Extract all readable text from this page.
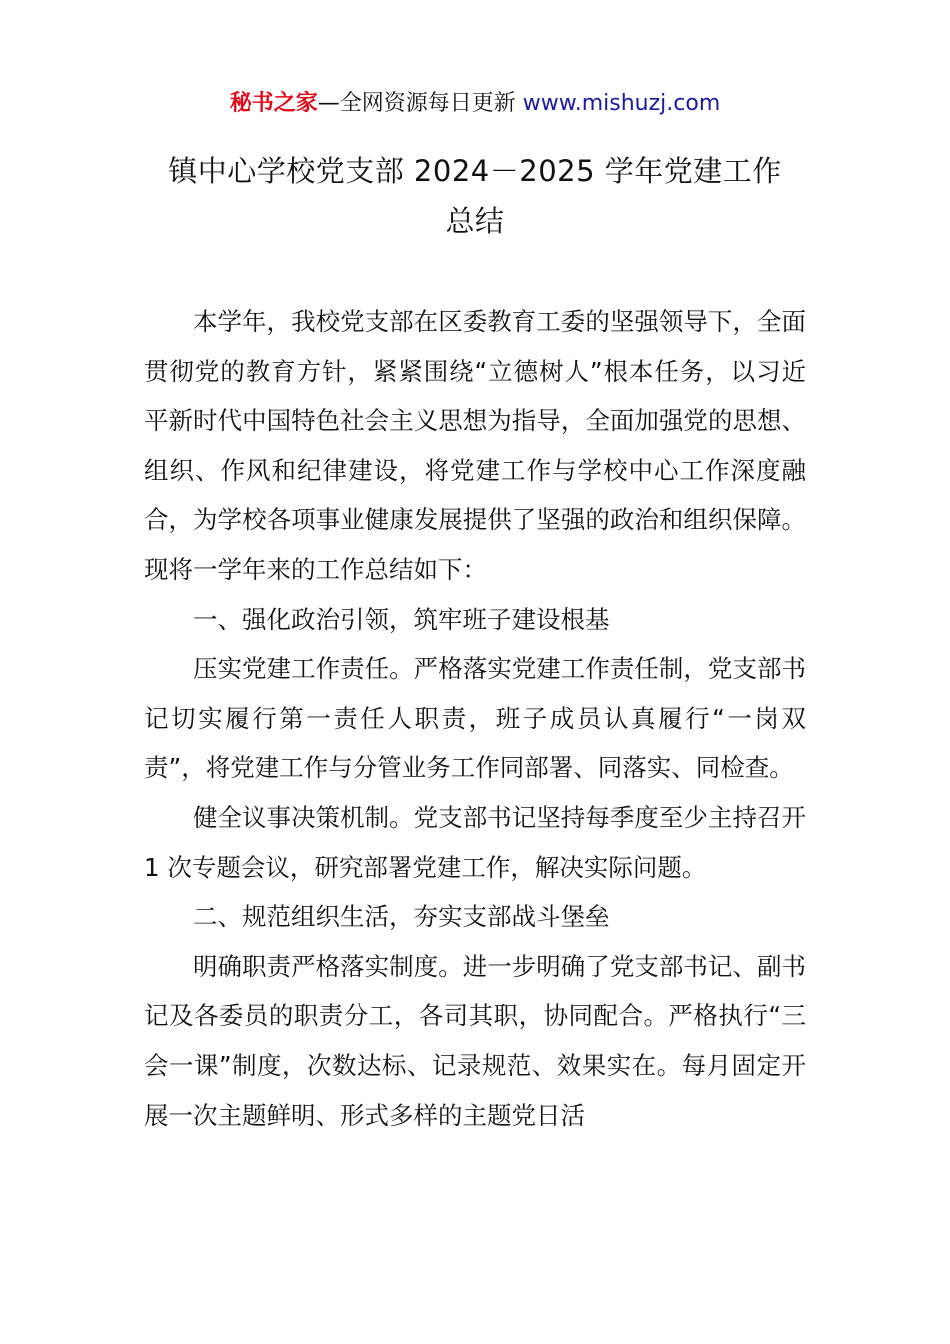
秘书之家—全网资源每日更新 www.mishuzj.com
镇中心学校党支部 2024－2025 学年党建工作
总结

本学年，我校党支部在区委教育工委的坚强领导下，全面贯彻党的教育方针，紧紧围绕“立德树人”根本任务，以习近平新时代中国特色社会主义思想为指导，全面加强党的思想、组织、作风和纪律建设，将党建工作与学校中心工作深度融合，为学校各项事业健康发展提供了坚强的政治和组织保障。现将一学年来的工作总结如下：

一、强化政治引领，筑牢班子建设根基

压实党建工作责任。严格落实党建工作责任制，党支部书记切实履行第一责任人职责，班子成员认真履行“一岗双责”，将党建工作与分管业务工作同部署、同落实、同检查。

健全议事决策机制。党支部书记坚持每季度至少主持召开 1 次专题会议，研究部署党建工作，解决实际问题。

二、规范组织生活，夯实支部战斗堡垒

明确职责严格落实制度。进一步明确了党支部书记、副书记及各委员的职责分工，各司其职，协同配合。严格执行“三会一课”制度，次数达标、记录规范、效果实在。每月固定开展一次主题鲜明、形式多样的主题党日活
